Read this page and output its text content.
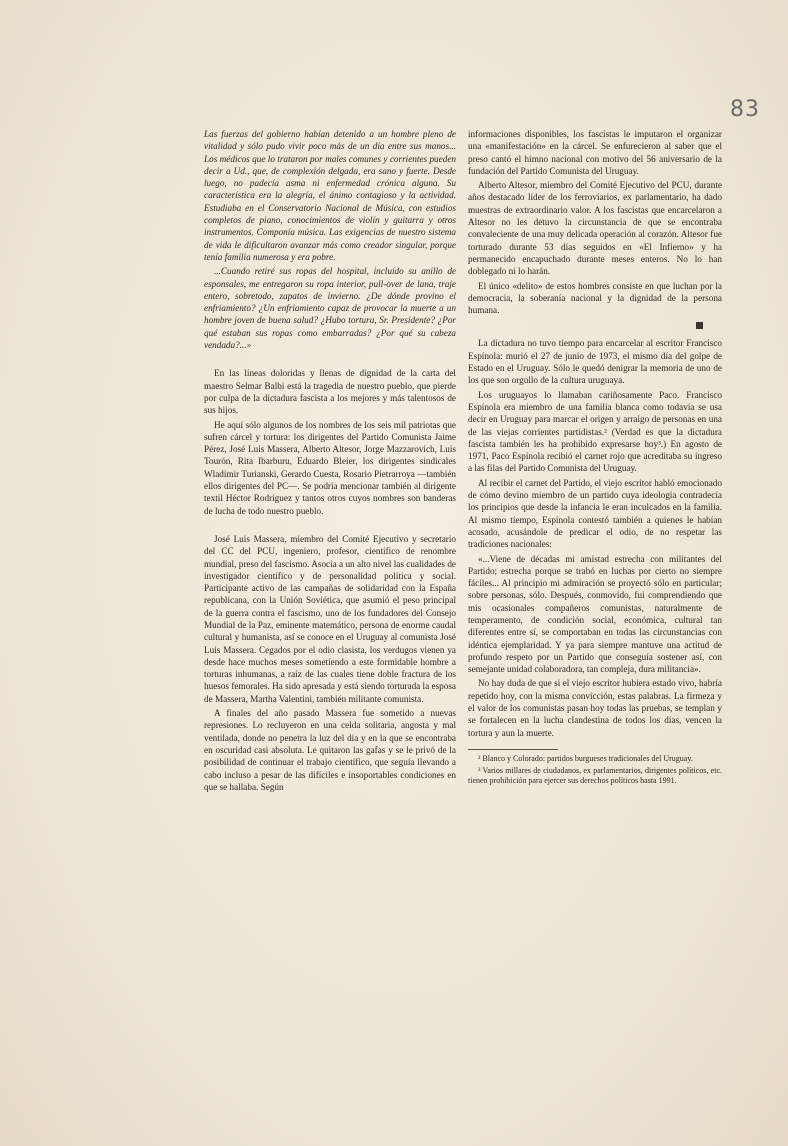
83

Las fuerzas del gobierno habían detenido a un hombre pleno de vitalidad y sólo pudo vivir poco más de un día entre sus manos... Los médicos que lo trataron por males comunes y corrientes pueden decir a Ud., que, de complexión delgada, era sano y fuerte. Desde luego, no padecía asma ni enfermedad crónica alguna. Su característica era la alegría, el ánimo contagioso y la actividad. Estudiaba en el Conservatorio Nacional de Música, con estudios completos de piano, conocimientos de violín y guitarra y otros instrumentos. Componía música. Las exigencias de nuestro sistema de vida le dificultaron avanzar más como creador singular, porque tenía familia numerosa y era pobre.

...Cuando retiré sus ropas del hospital, incluído su anillo de esponsales, me entregaron su ropa interior, pull-over de lana, traje entero, sobretodo, zapatos de invierno. ¿De dónde provino el enfriamiento? ¿Un enfriamiento capaz de provocar la muerte a un hombre joven de buena salud? ¿Hubo tortura, Sr. Presidente? ¿Por qué estaban sus ropas como embarradas? ¿Por qué su cabeza vendada?...»

En las líneas doloridas y llenas de dignidad de la carta del maestro Selmar Balbi está la tragedia de nuestro pueblo, que pierde por culpa de la dictadura fascista a los mejores y más talentosos de sus hijos.

He aquí sólo algunos de los nombres de los seis mil patriotas que sufren cárcel y tortura: los dirigentes del Partido Comunista Jaime Pérez, José Luis Massera, Alberto Altesor, Jorge Mazzarovich, Luis Tourón, Rita Ibarburu, Eduardo Bleier, los dirigentes sindicales Wladimir Turianski, Gerardo Cuesta, Rosario Pietrarroya —también ellos dirigentes del PC—. Se podría mencionar también al dirigente textil Héctor Rodríguez y tantos otros cuyos nombres son banderas de lucha de todo nuestro pueblo.

José Luis Massera, miembro del Comité Ejecutivo y secretario del CC del PCU, ingeniero, profesor, científico de renombre mundial, preso del fascismo. Asocia a un alto nivel las cualidades de investigador científico y de personalidad política y social. Participante activo de las campañas de solidaridad con la España republicana, con la Unión Soviética, que asumió el peso principal de la guerra contra el fascismo, uno de los fundadores del Consejo Mundial de la Paz, eminente matemático, persona de enorme caudal cultural y humanista, así se conoce en el Uruguay al comunista José Luis Massera. Cegados por el odio clasista, los verdugos vienen ya desde hace muchos meses sometiendo a este formidable hombre a torturas inhumanas, a raíz de las cuales tiene doble fractura de los huesos femorales. Ha sido apresada y está siendo torturada la esposa de Massera, Martha Valentini, también militante comunista.

A finales del año pasado Massera fue sometido a nuevas represiones. Lo recluyeron en una celda solitaria, angosta y mal ventilada, donde no penetra la luz del día y en la que se encontraba en oscuridad casi absoluta. Le quitaron las gafas y se le privó de la posibilidad de continuar el trabajo científico, que seguía llevando a cabo incluso a pesar de las difíciles e insoportables condiciones en que se hallaba. Según

informaciones disponibles, los fascistas le imputaron el organizar una «manifestación» en la cárcel. Se enfurecieron al saber que el preso cantó el himno nacional con motivo del 56 aniversario de la fundación del Partido Comunista del Uruguay.

Alberto Altesor, miembro del Comité Ejecutivo del PCU, durante años destacado líder de los ferroviarios, ex parlamentario, ha dado muestras de extraordinario valor. A los fascistas que encarcelaron a Altesor no les detuvo la circunstancia de que se encontraba convaleciente de una muy delicada operación al corazón. Altesor fue torturado durante 53 días seguidos en «El Infierno» y ha permanecido encapuchado durante meses enteros. No lo han doblegado ni lo harán.

El único «delito» de estos hombres consiste en que luchan por la democracia, la soberanía nacional y la dignidad de la persona humana.

La dictadura no tuvo tiempo para encarcelar al escritor Francisco Espínola: murió el 27 de junio de 1973, el mismo día del golpe de Estado en el Uruguay. Sólo le quedó denigrar la memoria de uno de los que son orgullo de la cultura uruguaya.

Los uruguayos lo llamaban cariñosamente Paco. Francisco Espínola era miembro de una familia blanca como todavía se usa decir en Uruguay para marcar el origen y arraigo de personas en una de las viejas corrientes partidistas.² (Verdad es que la dictadura fascista también les ha prohibido expresarse hoy³.) En agosto de 1971, Paco Espínola recibió el carnet rojo que acreditaba su ingreso a las filas del Partido Comunista del Uruguay.

Al recibir el carnet del Partido, el viejo escritor habló emocionado de cómo devino miembro de un partido cuya ideología contradecía los principios que desde la infancia le eran inculcados en la familia. Al mismo tiempo, Espínola contestó también a quienes le habían acosado, acusándole de predicar el odio, de no respetar las tradiciones nacionales:

«...Viene de décadas mi amistad estrecha con militantes del Partido; estrecha porque se trabó en luchas por cierto no siempre fáciles... Al principio mi admiración se proyectó sólo en particular; sobre personas, sólo. Después, conmovido, fui comprendiendo que mis ocasionales compañeros comunistas, naturalmente de temperamento, de condición social, económica, cultural tan diferentes entre sí, se comportaban en todas las circunstancias con idéntica ejemplaridad. Y ya para siempre mantuve una actitud de profundo respeto por un Partido que conseguía sostener así, con semejante unidad colaboradora, tan compleja, dura militancia».

No hay duda de que si el viejo escritor hubiera estado vivo, habría repetido hoy, con la misma convicción, estas palabras. La firmeza y el valor de los comunistas pasan hoy todas las pruebas, se templan y se fortalecen en la lucha clandestina de todos los días, vencen la tortura y aun la muerte.

² Blanco y Colorado: partidos burgueses tradicionales del Uruguay.

³ Varios millares de ciudadanos, ex parlamentarios, dirigentes políticos, etc. tienen prohibición para ejercer sus derechos políticos hasta 1991.
